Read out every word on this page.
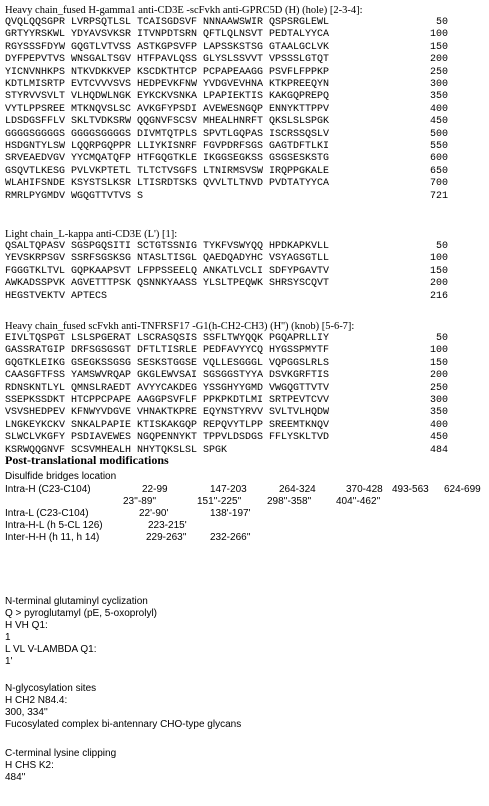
Heavy chain_fused H-gamma1 anti-CD3E -scFvkh anti-GPRC5D (H) (hole) [2-3-4]:
QVQLQQSGPR LVRPSQTLSL TCAISGDSVF NNNAAWSWIR QSPSRGLEWL	50
GRTYYRSKWL YDYAVSVKSR ITVNPDTSRN QFTLQLNSVT PEDTALYYCA	100
RGYSSSFDYW GQGTLVTVSS ASTKGPSVFP LAPSSKSTSG GTAALGCLVK	150
DYFPEPVTVS WNSGALTSGV HTFPAVLQSS GLYSLSSVVT VPSSSLGTQT	200
YICNVNHKPS NTKVDKKVEP KSCDKTHTCP PCPAPEAAGG PSVFLFPPKP	250
KDTLMISRTP EVTCVVVSVS HEDPEVKFNW YVDGVEVHNA KTKPREEQYN	300
STYRVVSVLT VLHQDWLNGK EYKCKVSNKA LPAPIEKTIS KAKGQPREPQ	350
VYTLPPSREE MTKNQVSLSC AVKGFYPSDI AVEWESNGQP ENNYKTTPPV	400
LDSDGSFFLV SKLTVDKSRW QQGNVFSCSV MHEALHNRFT QKSLSLSPGK	450
GGGGSGGGGS GGGGSGGGGS DIVMTQTPLS SPVTLGQPAS ISCRSSQSLV	500
HSDGNTYLSW LQQRPGQPPR LLIYKISNRF FGVPDRFSGS GAGTDFTLKI	550
SRVEAEDVGV YYCMQATQFP HTFGQGTKLE IKGGSEGKSS GSGSESKSTG	600
GSQVTLKESG PVLVKPTETL TLTCTVSGFS LTNIRMSVSW IRQPPGKALE	650
WLAHIFSNDE KSYSTSLKSR LTISRDTSKS QVVLTLTNVD PVDTATYYCA	700
RMRLPYGMDV WGQGTTVTVS S	721
Light chain_L-kappa anti-CD3E (L') [1]:
QSALTQPASV SGSPGQSITI SCTGTSSNIG TYKFVSWYQQ HPDKAPKVLL	50
YEVSKRPSGV SSRFSGSKSG NTASLTISGL QAEDQADYHC VSYAGSGTLL	100
FGGGTKLTVL GQPKAAPSVT LFPPSSEELQ ANKATLVCLI SDFYPGAVTV	150
AWKADSSPVK AGVETTTPSK QSNNKYAASS YLSLTPEQWK SHRSYSCQVT	200
HEGSTVEKTV APTECS	216
Heavy chain_fused scFvkh anti-TNFRSF17 -G1(h-CH2-CH3) (H'') (knob) [5-6-7]:
EIVLTQSPGT LSLSPGERAT LSCRASQSIS SSFLTWYQQK PGQAPRLLIY	50
GASSRATGIP DRFSGSGSGT DFTLTISRLE PEDFAVYYCQ HYGSSPMYTF	100
GQGTKLEIKG GSEGKSSGSG SESKSTGGSE VQLLESGGGL VQPGGSLRLS	150
CAASGFTFSS YAMSWVRQAP GKGLEWVSAI SGSGGSTYYA DSVKGRFTIS	200
RDNSKNTLYL QMNSLRAEDT AVYYCAKDEG YSSGHYYGMD VWGQGTTVTV	250
SSEPKSSDKT HTCPPCPAPE AAGGPSVFLF PPKPKDTLMI SRTPEVTCVV	300
VSVSHEDPEV KFNWYVDGVE VHNAKTKPRE EQYNSTYRVV SVLTVLHQDW	350
LNGKEYKCKV SNKALPAPIE KTISKAKGQP REPQVYTLPP SREEMTKNQV	400
SLWCLVKGFY PSDIAVEWES NGQPENNYKT TPPVLDSDGS FFLYSKLTVD	450
KSRWQQGNVF SCSVMHEALH NHYTQKSLSL SPGK	484
Post-translational modifications
Disulfide bridges location
Intra-H (C23-C104)	22-99	147-203	264-324	370-428 493-563 624-699
23''-89''	151''-225''	298''-358'' 404''-462''
Intra-L (C23-C104)	22'-90'	138'-197'
Intra-H-L (h 5-CL 126)	223-215'
Inter-H-H (h 11, h 14)	229-263'' 232-266''
N-terminal glutaminyl cyclization
Q > pyroglutamyl (pE, 5-oxoprolyl)
H VH Q1:
1
L VL V-LAMBDA Q1:
1'
N-glycosylation sites
H CH2 N84.4:
300, 334''
Fucosylated complex bi-antennary CHO-type glycans
C-terminal lysine clipping
H CHS K2:
484''
